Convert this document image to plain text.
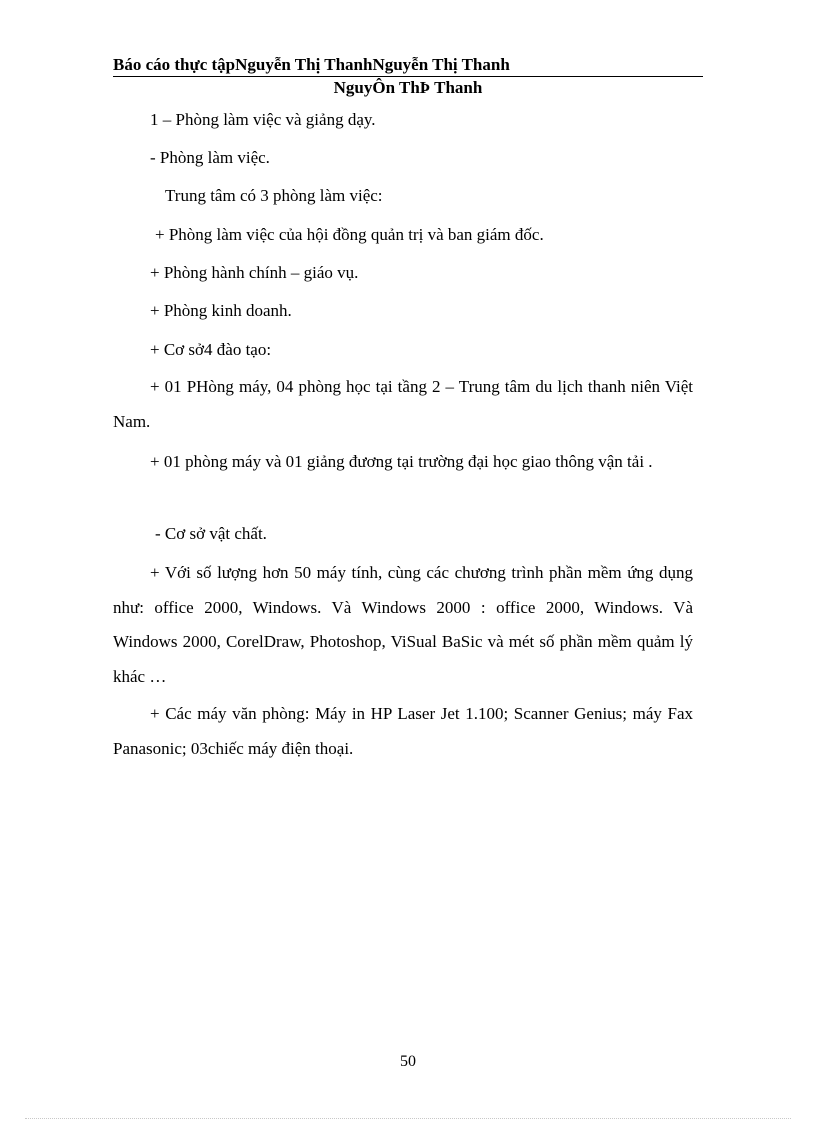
Báo cáo thực tậpNguyễn Thị ThanhNguyễn Thị Thanh
NguyÔn ThÞ Thanh
1 – Phòng làm việc và giảng dạy.
- Phòng làm việc.
Trung tâm có 3 phòng làm việc:
+ Phòng làm việc của hội đồng quản trị và ban giám đốc.
+ Phòng hành chính – giáo vụ.
+ Phòng kinh doanh.
+ Cơ sở4 đào tạo:
+ 01 PHòng máy, 04 phòng học tại tầng 2 – Trung tâm du lịch thanh niên Việt Nam.
+ 01 phòng máy và 01 giảng đương tại trường đại học giao thông vận tải .
- Cơ sở vật chất.
+ Với số lượng hơn 50 máy tính, cùng các chương trình phần mềm ứng dụng như: office 2000, Windows. Và Windows 2000 : office 2000, Windows. Và Windows 2000, CorelDraw, Photoshop, ViSual BaSic và mét số phần mềm quảm lý khác …
+ Các máy văn phòng: Máy in HP Laser Jet 1.100; Scanner Genius; máy Fax Panasonic; 03chiếc máy điện thoại.
50
